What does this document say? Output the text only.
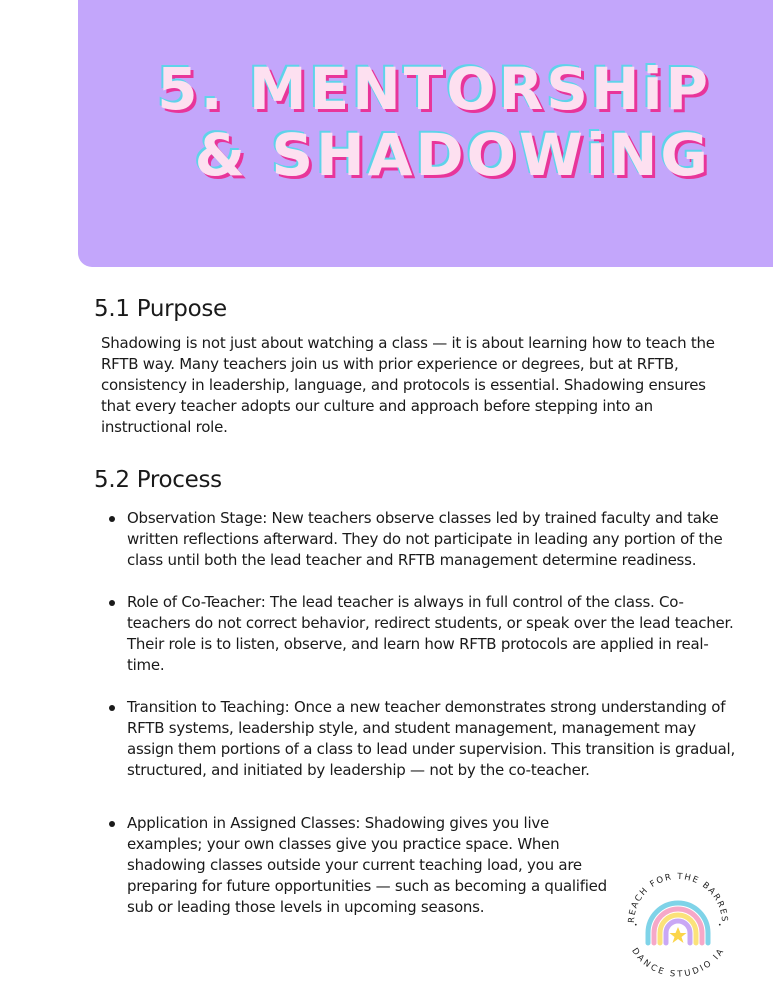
5. MENTORSHiP
& SHADOWiNG
5.1 Purpose

Shadowing is not just about watching a class — it is about learning how to teach the RFTB way. Many teachers join us with prior experience or degrees, but at RFTB, consistency in leadership, language, and protocols is essential. Shadowing ensures that every teacher adopts our culture and approach before stepping into an instructional role.

5.2 Process
Observation Stage: New teachers observe classes led by trained faculty and take written reflections afterward. They do not participate in leading any portion of the class until both the lead teacher and RFTB management determine readiness.
Role of Co-Teacher: The lead teacher is always in full control of the class. Co-teachers do not correct behavior, redirect students, or speak over the lead teacher. Their role is to listen, observe, and learn how RFTB protocols are applied in real-time.
Transition to Teaching: Once a new teacher demonstrates strong understanding of RFTB systems, leadership style, and student management, management may assign them portions of a class to lead under supervision. This transition is gradual, structured, and initiated by leadership — not by the co-teacher.
Application in Assigned Classes: Shadowing gives you live examples; your own classes give you practice space. When shadowing classes outside your current teaching load, you are preparing for future opportunities — such as becoming a qualified sub or leading those levels in upcoming seasons.
REACH FOR THE BARRES
DANCE STUDIO IA
•	•
